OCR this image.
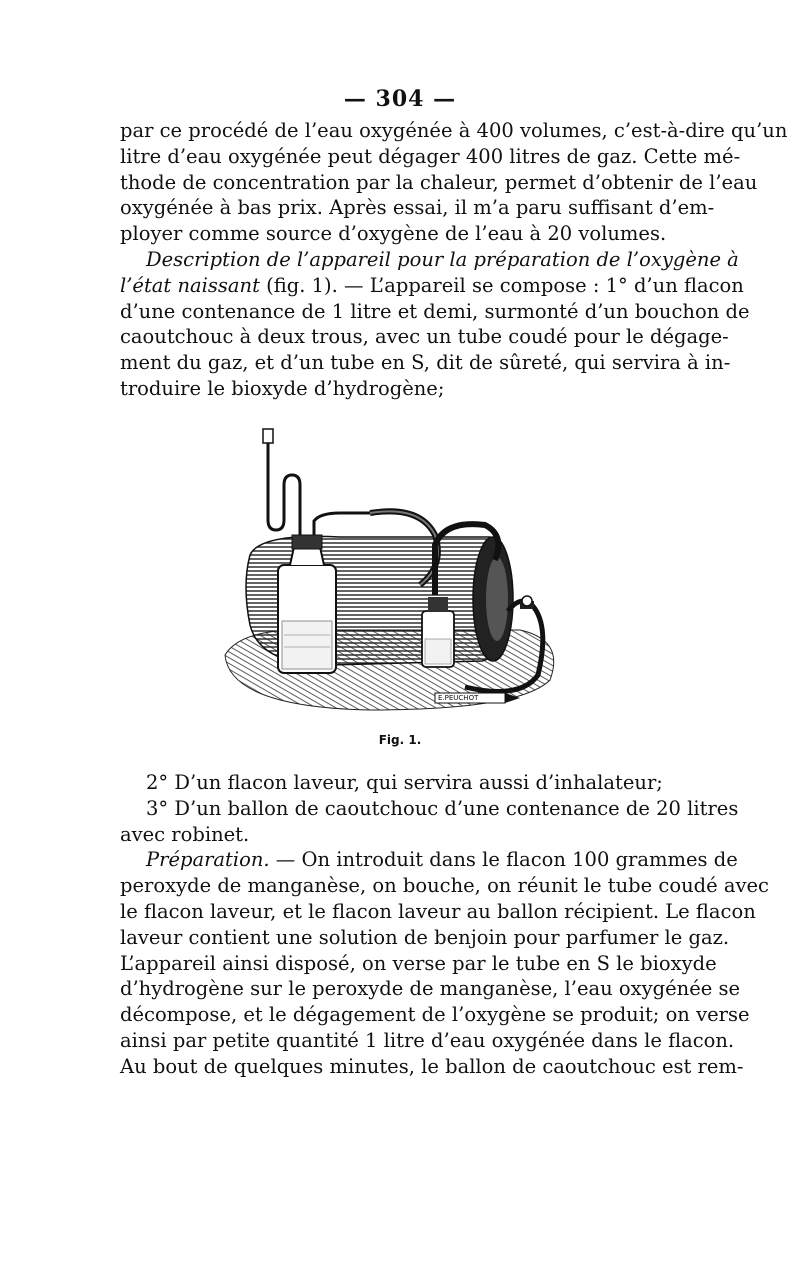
— 304 —
par ce procédé de l’eau oxygénée à 400 volumes, c’est-à-dire qu’un
litre d’eau oxygénée peut dégager 400 litres de gaz. Cette mé-
thode de concentration par la chaleur, permet d’obtenir de l’eau
oxygénée à bas prix. Après essai, il m’a paru suffisant d’em-
ployer comme source d’oxygène de l’eau à 20 volumes.
Description de l’appareil pour la préparation de l’oxygène à
l’état naissant (fig. 1). — L’appareil se compose : 1° d’un flacon
d’une contenance de 1 litre et demi, surmonté d’un bouchon de
caoutchouc à deux trous, avec un tube coudé pour le dégage-
ment du gaz, et d’un tube en S, dit de sûreté, qui servira à in-
troduire le bioxyde d’hydrogène;
E.PEUCHOT
Fig. 1.
2° D’un flacon laveur, qui servira aussi d’inhalateur;
3° D’un ballon de caoutchouc d’une contenance de 20 litres
avec robinet.
Préparation. — On introduit dans le flacon 100 grammes de
peroxyde de manganèse, on bouche, on réunit le tube coudé avec
le flacon laveur, et le flacon laveur au ballon récipient. Le flacon
laveur contient une solution de benjoin pour parfumer le gaz.
L’appareil ainsi disposé, on verse par le tube en S le bioxyde
d’hydrogène sur le peroxyde de manganèse, l’eau oxygénée se
décompose, et le dégagement de l’oxygène se produit; on verse
ainsi par petite quantité 1 litre d’eau oxygénée dans le flacon.
Au bout de quelques minutes, le ballon de caoutchouc est rem-
